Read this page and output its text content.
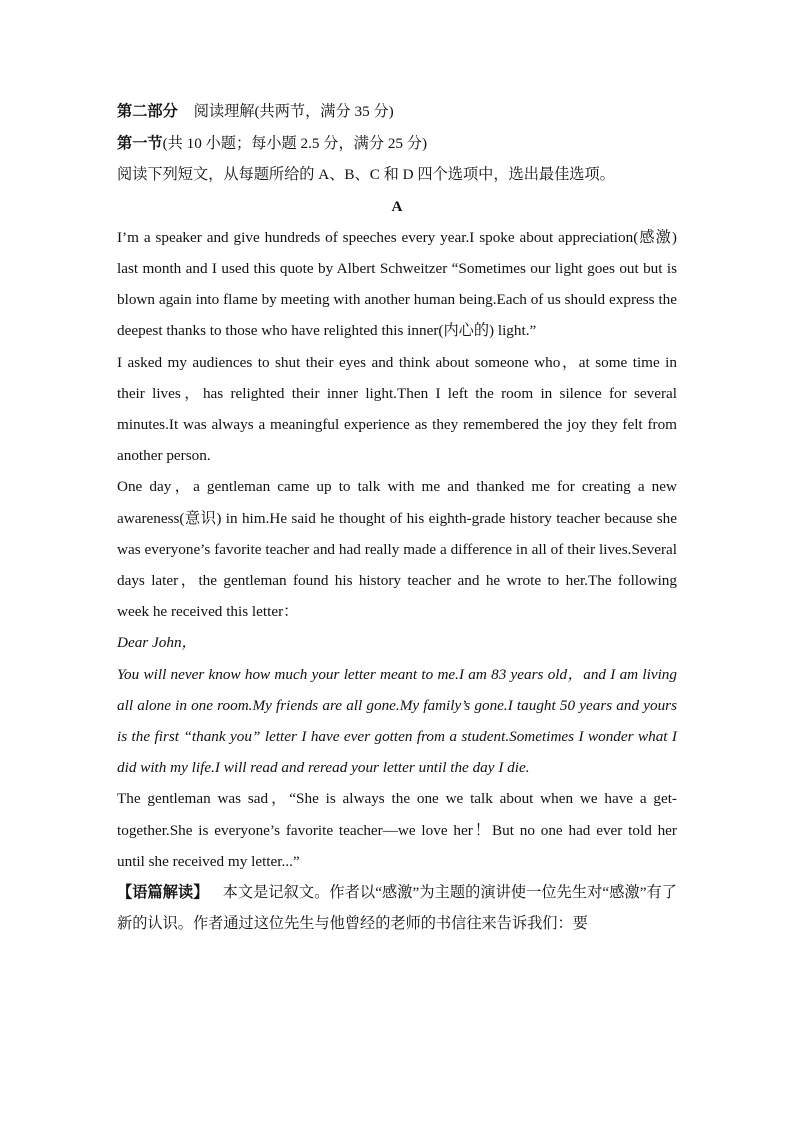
第二部分 阅读理解(共两节，满分 35 分)

第一节(共 10 小题；每小题 2.5 分，满分 25 分)

阅读下列短文，从每题所给的 A、B、C 和 D 四个选项中，选出最佳选项。

A

I’m a speaker and give hundreds of speeches every year.I spoke about appreciation(感激) last month and I used this quote by Albert Schweitzer “Sometimes our light goes out but is blown again into flame by meeting with another human being.Each of us should express the deepest thanks to those who have relighted this inner(内心的) light.”

I asked my audiences to shut their eyes and think about someone who，at some time in their lives，has relighted their inner light.Then I left the room in silence for several minutes.It was always a meaningful experience as they remembered the joy they felt from another person.

One day，a gentleman came up to talk with me and thanked me for creating a new awareness(意识) in him.He said he thought of his eighth-grade history teacher because she was everyone’s favorite teacher and had really made a difference in all of their lives.Several days later，the gentleman found his history teacher and he wrote to her.The following week he received this letter：

Dear John，

You will never know how much your letter meant to me.I am 83 years old，and I am living all alone in one room.My friends are all gone.My family’s gone.I taught 50 years and yours is the first “thank you” letter I have ever gotten from a student.Sometimes I wonder what I did with my life.I will read and reread your letter until the day I die.

The gentleman was sad，“She is always the one we talk about when we have a get-together.She is everyone’s favorite teacher—we love her！But no one had ever told her until she received my letter...”

【语篇解读】 本文是记叙文。作者以“感激”为主题的演讲使一位先生对“感激”有了新的认识。作者通过这位先生与他曾经的老师的书信往来告诉我们：要
